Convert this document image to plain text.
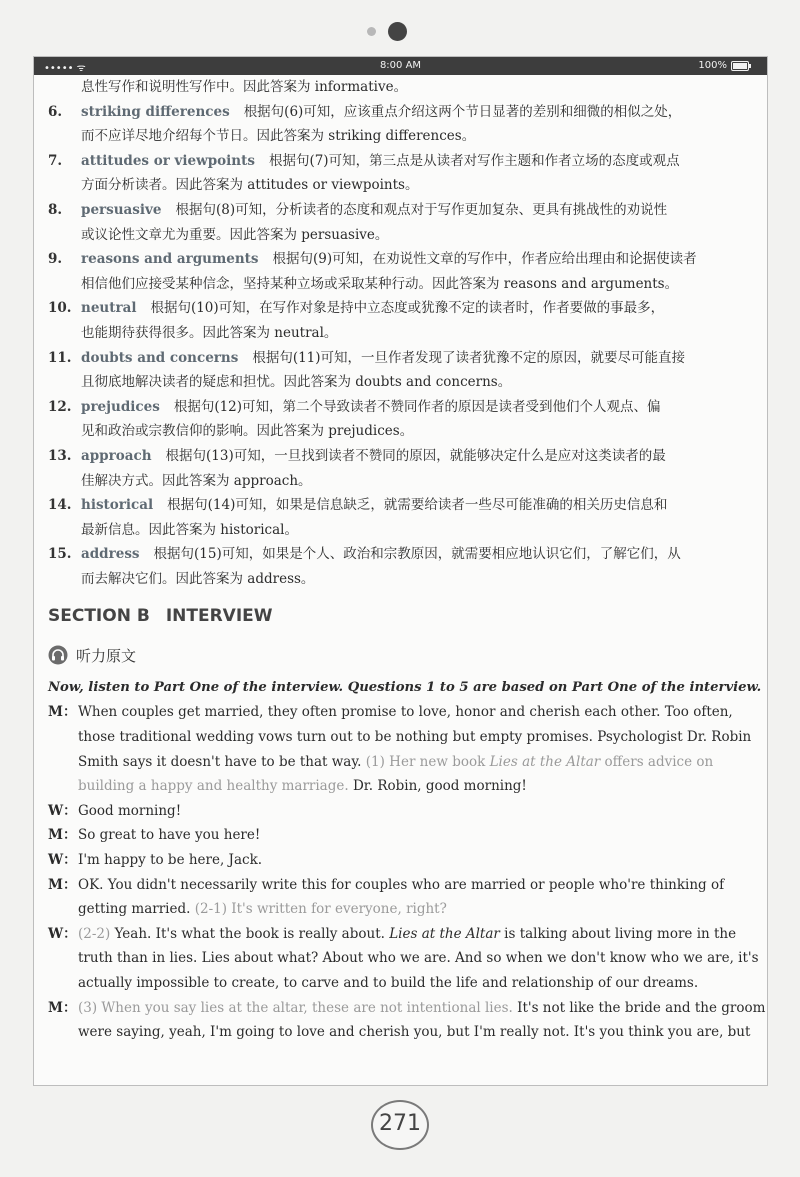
••••• ᯤ	8:00 AM	100%
息性写作和说明性写作中。因此答案为 informative。
6. striking differences 根据句(6)可知，应该重点介绍这两个节日显著的差别和细微的相似之处，
而不应详尽地介绍每个节日。因此答案为 striking differences。
7. attitudes or viewpoints 根据句(7)可知，第三点是从读者对写作主题和作者立场的态度或观点
方面分析读者。因此答案为 attitudes or viewpoints。
8. persuasive 根据句(8)可知，分析读者的态度和观点对于写作更加复杂、更具有挑战性的劝说性
或议论性文章尤为重要。因此答案为 persuasive。
9. reasons and arguments 根据句(9)可知，在劝说性文章的写作中，作者应给出理由和论据使读者
相信他们应接受某种信念，坚持某种立场或采取某种行动。因此答案为 reasons and arguments。
10. neutral 根据句(10)可知，在写作对象是持中立态度或犹豫不定的读者时，作者要做的事最多，
也能期待获得很多。因此答案为 neutral。
11. doubts and concerns 根据句(11)可知，一旦作者发现了读者犹豫不定的原因，就要尽可能直接
且彻底地解决读者的疑虑和担忧。因此答案为 doubts and concerns。
12. prejudices 根据句(12)可知，第二个导致读者不赞同作者的原因是读者受到他们个人观点、偏
见和政治或宗教信仰的影响。因此答案为 prejudices。
13. approach 根据句(13)可知，一旦找到读者不赞同的原因，就能够决定什么是应对这类读者的最
佳解决方式。因此答案为 approach。
14. historical 根据句(14)可知，如果是信息缺乏，就需要给读者一些尽可能准确的相关历史信息和
最新信息。因此答案为 historical。
15. address 根据句(15)可知，如果是个人、政治和宗教原因，就需要相应地认识它们，了解它们，从
而去解决它们。因此答案为 address。
SECTION B INTERVIEW
听力原文
Now, listen to Part One of the interview. Questions 1 to 5 are based on Part One of the interview.
M： When couples get married, they often promise to love, honor and cherish each other. Too often,
those traditional wedding vows turn out to be nothing but empty promises. Psychologist Dr. Robin
Smith says it doesn't have to be that way. (1) Her new book Lies at the Altar offers advice on
building a happy and healthy marriage. Dr. Robin, good morning!
W： Good morning!
M： So great to have you here!
W： I'm happy to be here, Jack.
M： OK. You didn't necessarily write this for couples who are married or people who're thinking of
getting married. (2-1) It's written for everyone, right?
W： (2-2) Yeah. It's what the book is really about. Lies at the Altar is talking about living more in the
truth than in lies. Lies about what? About who we are. And so when we don't know who we are, it's
actually impossible to create, to carve and to build the life and relationship of our dreams.
M： (3) When you say lies at the altar, these are not intentional lies. It's not like the bride and the groom
were saying, yeah, I'm going to love and cherish you, but I'm really not. It's you think you are, but
271
